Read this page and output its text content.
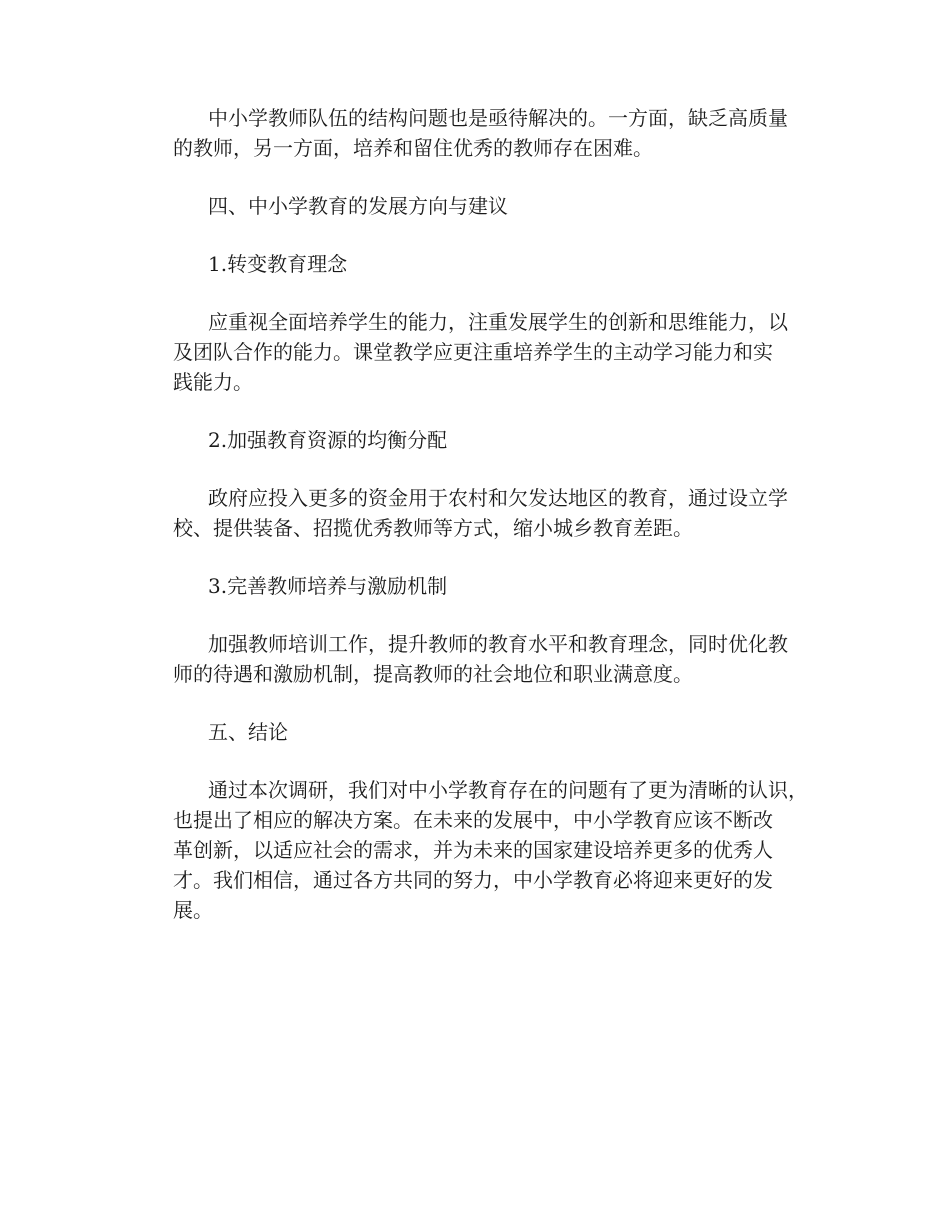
中小学教师队伍的结构问题也是亟待解决的。一方面，缺乏高质量
的教师，另一方面，培养和留住优秀的教师存在困难。

四、中小学教育的发展方向与建议

1.转变教育理念

应重视全面培养学生的能力，注重发展学生的创新和思维能力，以
及团队合作的能力。课堂教学应更注重培养学生的主动学习能力和实
践能力。

2.加强教育资源的均衡分配

政府应投入更多的资金用于农村和欠发达地区的教育，通过设立学
校、提供装备、招揽优秀教师等方式，缩小城乡教育差距。

3.完善教师培养与激励机制

加强教师培训工作，提升教师的教育水平和教育理念，同时优化教
师的待遇和激励机制，提高教师的社会地位和职业满意度。

五、结论

通过本次调研，我们对中小学教育存在的问题有了更为清晰的认识，
也提出了相应的解决方案。在未来的发展中，中小学教育应该不断改
革创新，以适应社会的需求，并为未来的国家建设培养更多的优秀人
才。我们相信，通过各方共同的努力，中小学教育必将迎来更好的发
展。
